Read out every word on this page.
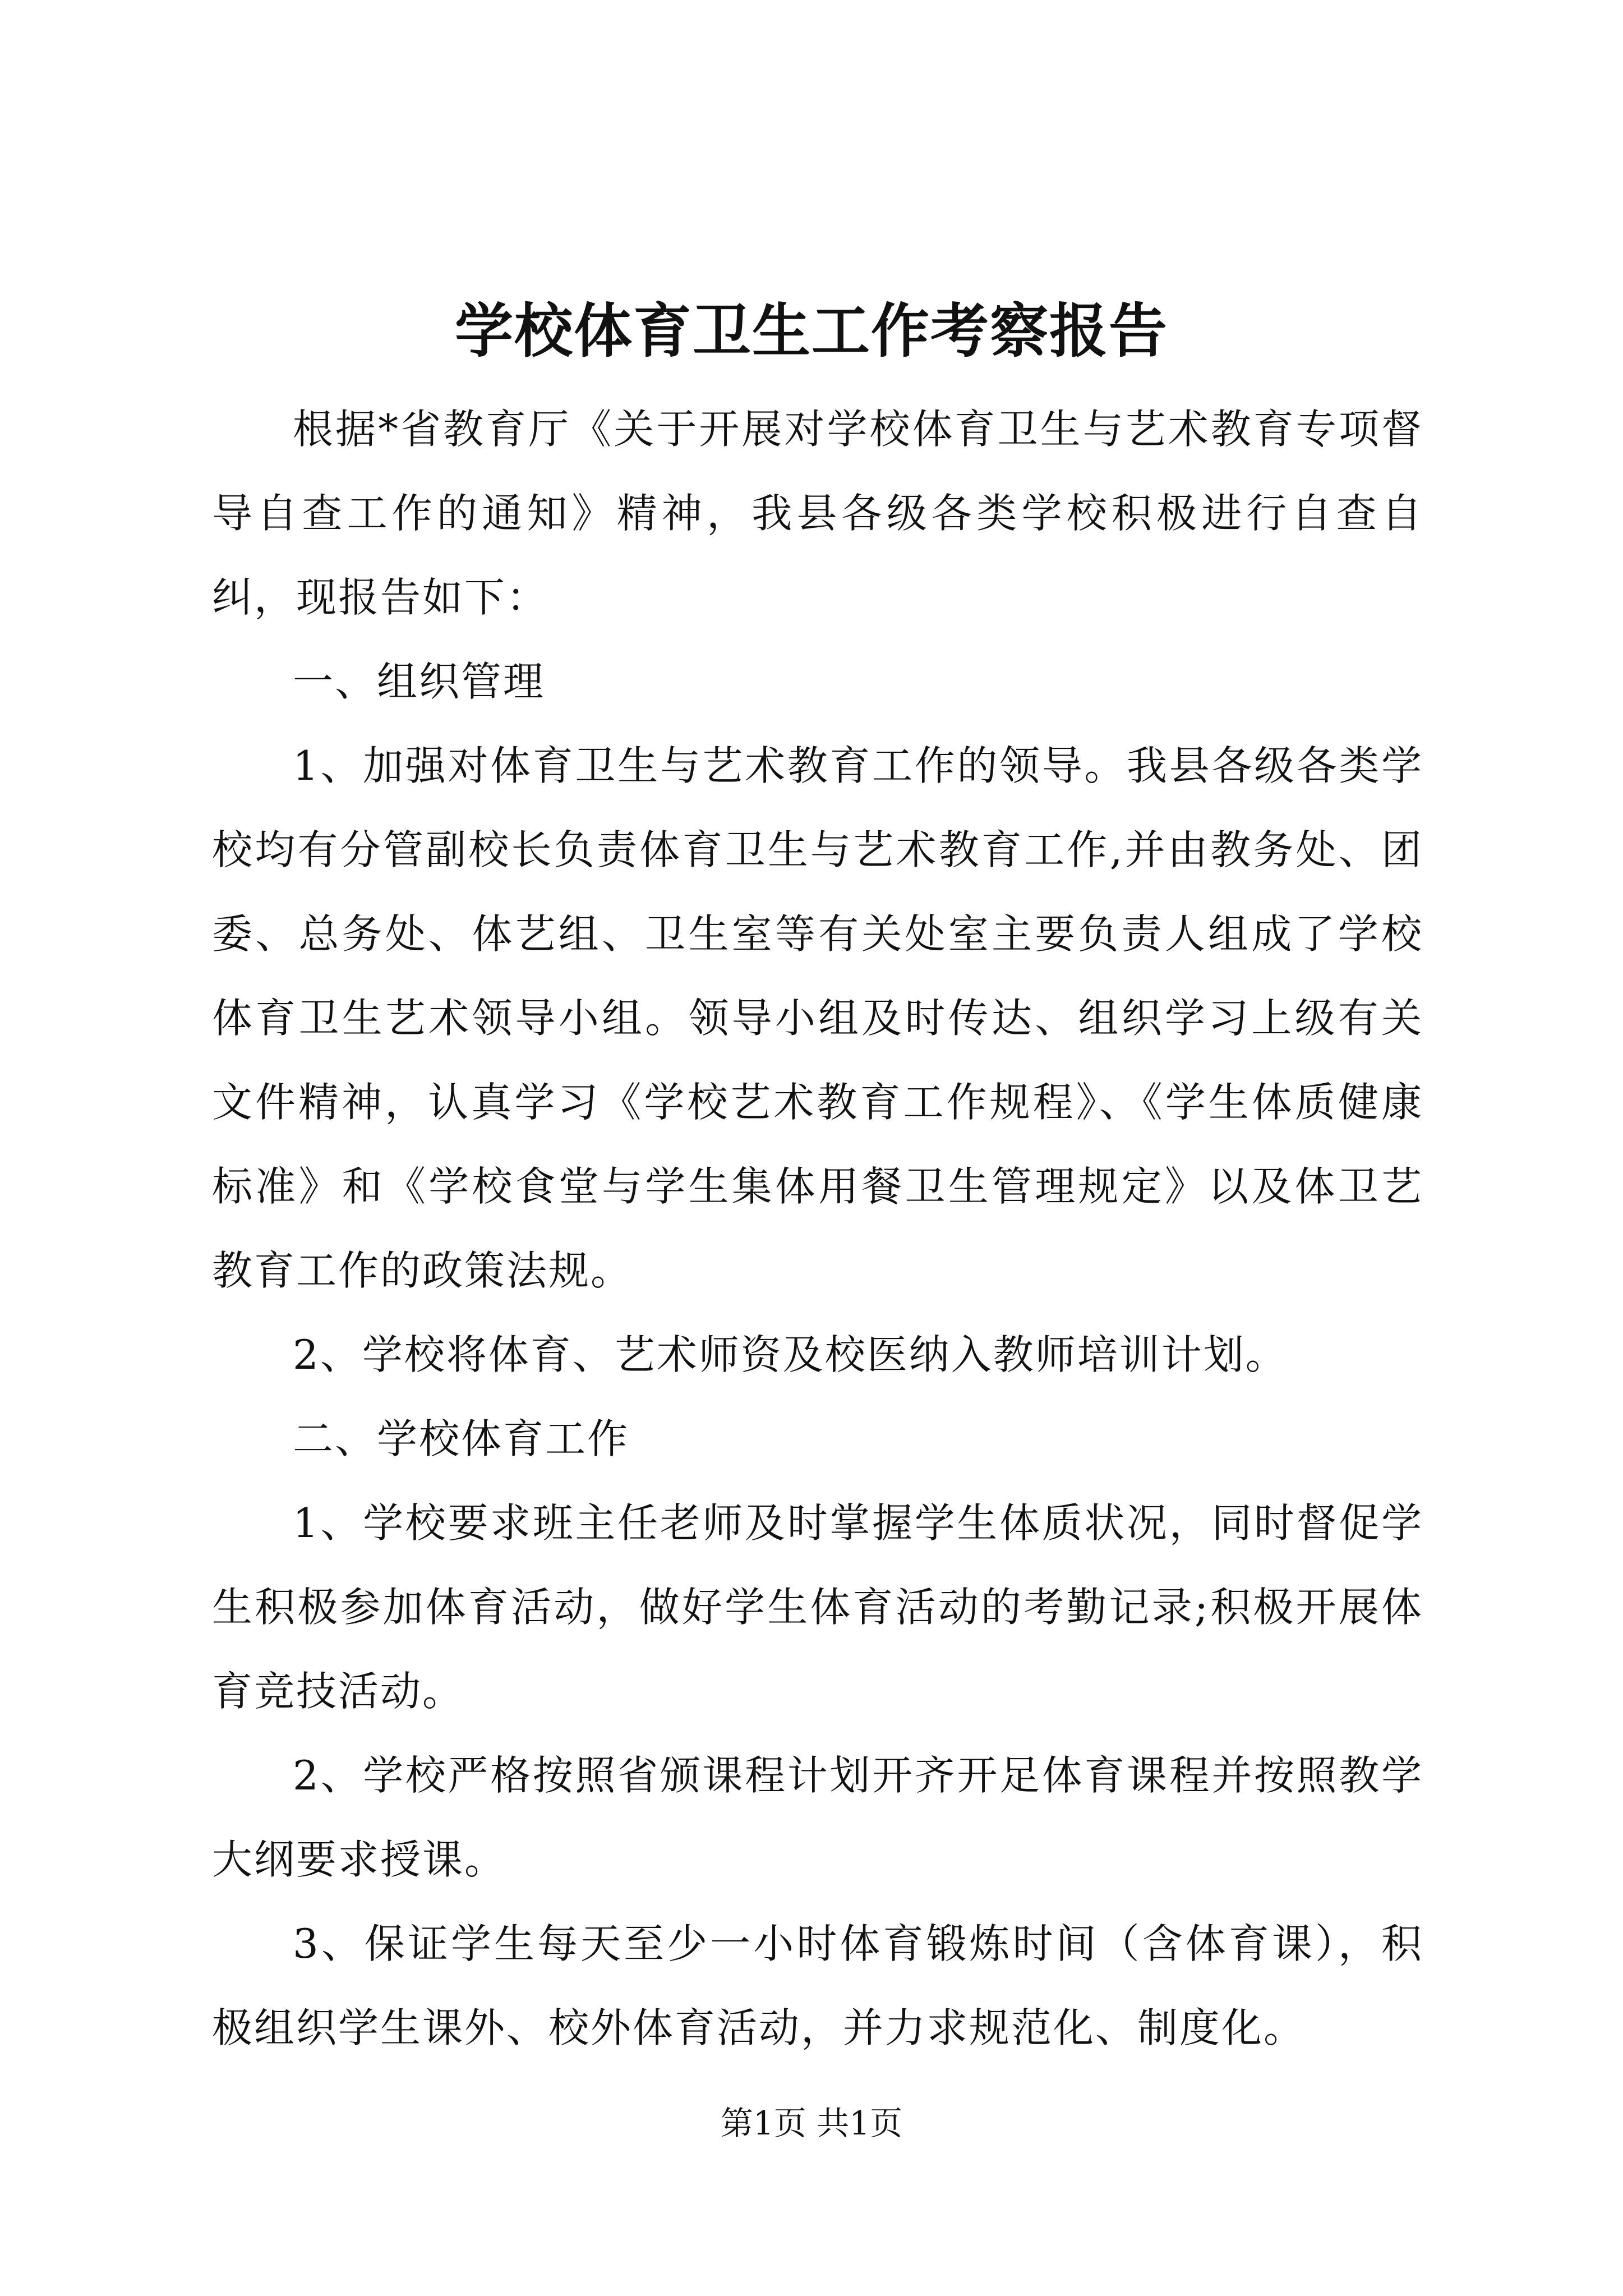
学校体育卫生工作考察报告

根据*省教育厅《关于开展对学校体育卫生与艺术教育专项督导自查工作的通知》精神，我县各级各类学校积极进行自查自纠，现报告如下：

一、组织管理

1、加强对体育卫生与艺术教育工作的领导。我县各级各类学校均有分管副校长负责体育卫生与艺术教育工作,并由教务处、团委、总务处、体艺组、卫生室等有关处室主要负责人组成了学校体育卫生艺术领导小组。领导小组及时传达、组织学习上级有关文件精神，认真学习《学校艺术教育工作规程》、《学生体质健康标准》和《学校食堂与学生集体用餐卫生管理规定》以及体卫艺教育工作的政策法规。

2、学校将体育、艺术师资及校医纳入教师培训计划。

二、学校体育工作

1、学校要求班主任老师及时掌握学生体质状况，同时督促学生积极参加体育活动，做好学生体育活动的考勤记录;积极开展体育竞技活动。

2、学校严格按照省颁课程计划开齐开足体育课程并按照教学大纲要求授课。

3、保证学生每天至少一小时体育锻炼时间（含体育课），积极组织学生课外、校外体育活动，并力求规范化、制度化。

第1页 共1页
